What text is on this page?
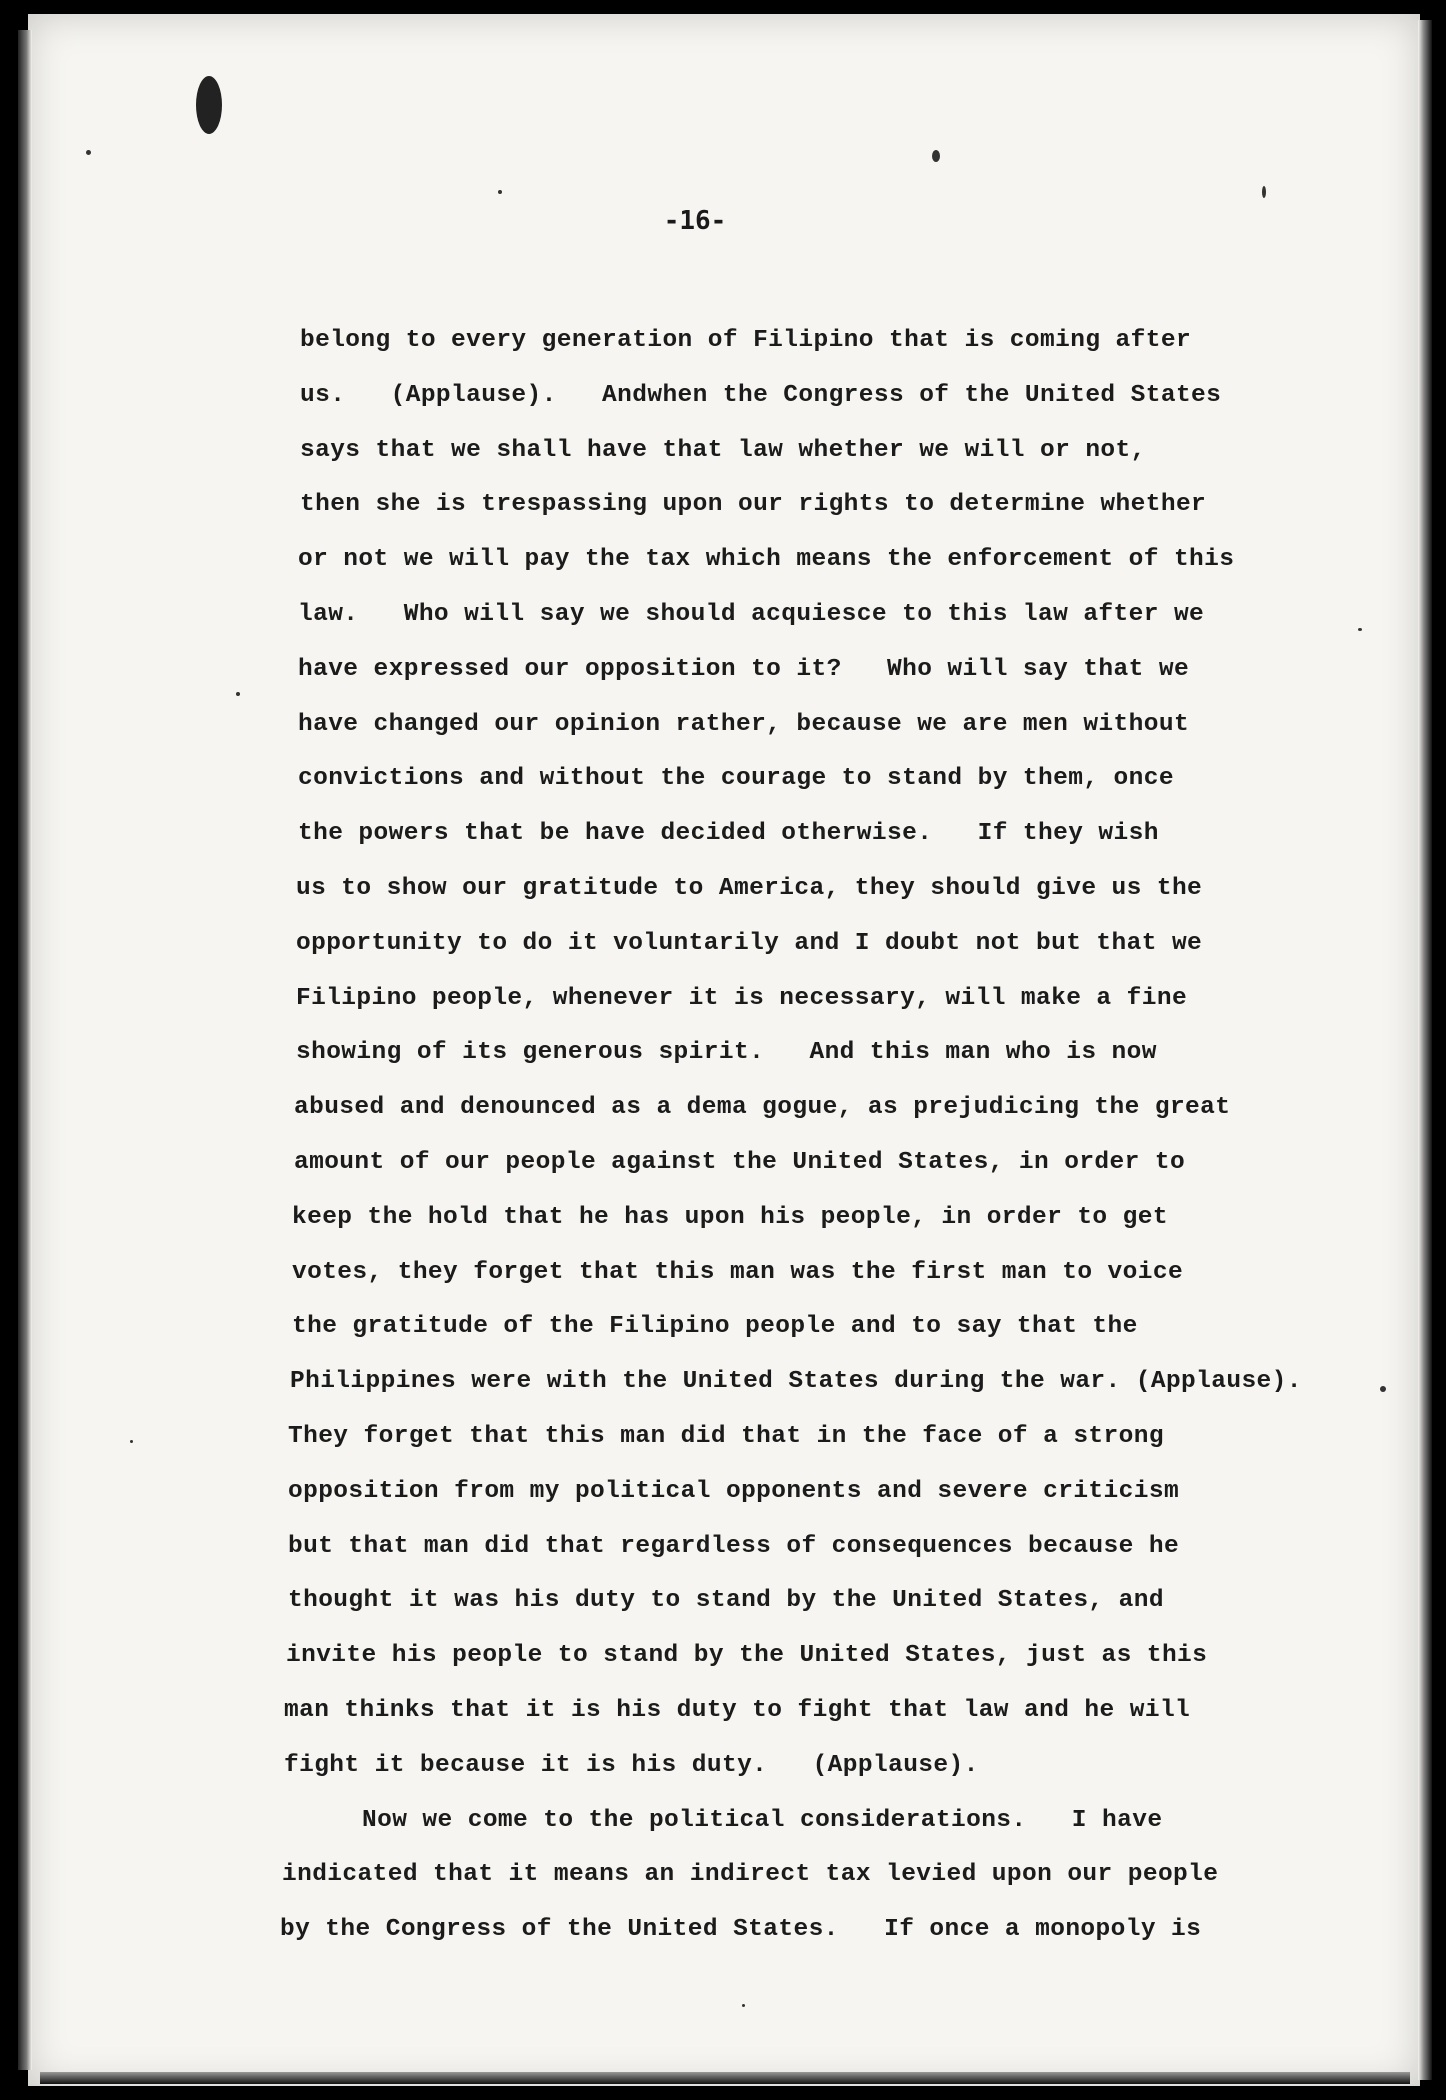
-16-
belong to every generation of Filipino that is coming after
us.   (Applause).   Andwhen the Congress of the United States
says that we shall have that law whether we will or not,
then she is trespassing upon our rights to determine whether
or not we will pay the tax which means the enforcement of this
law.   Who will say we should acquiesce to this law after we
have expressed our opposition to it?   Who will say that we
have changed our opinion rather, because we are men without
convictions and without the courage to stand by them, once
the powers that be have decided otherwise.   If they wish
us to show our gratitude to America, they should give us the
opportunity to do it voluntarily and I doubt not but that we
Filipino people, whenever it is necessary, will make a fine
showing of its generous spirit.   And this man who is now
abused and denounced as a dema gogue, as prejudicing the great
amount of our people against the United States, in order to
keep the hold that he has upon his people, in order to get
votes, they forget that this man was the first man to voice
the gratitude of the Filipino people and to say that the
Philippines were with the United States during the war. (Applause).
They forget that this man did that in the face of a strong
opposition from my political opponents and severe criticism
but that man did that regardless of consequences because he
thought it was his duty to stand by the United States, and
invite his people to stand by the United States, just as this
man thinks that it is his duty to fight that law and he will
fight it because it is his duty.   (Applause).
Now we come to the political considerations.   I have
indicated that it means an indirect tax levied upon our people
by the Congress of the United States.   If once a monopoly is
